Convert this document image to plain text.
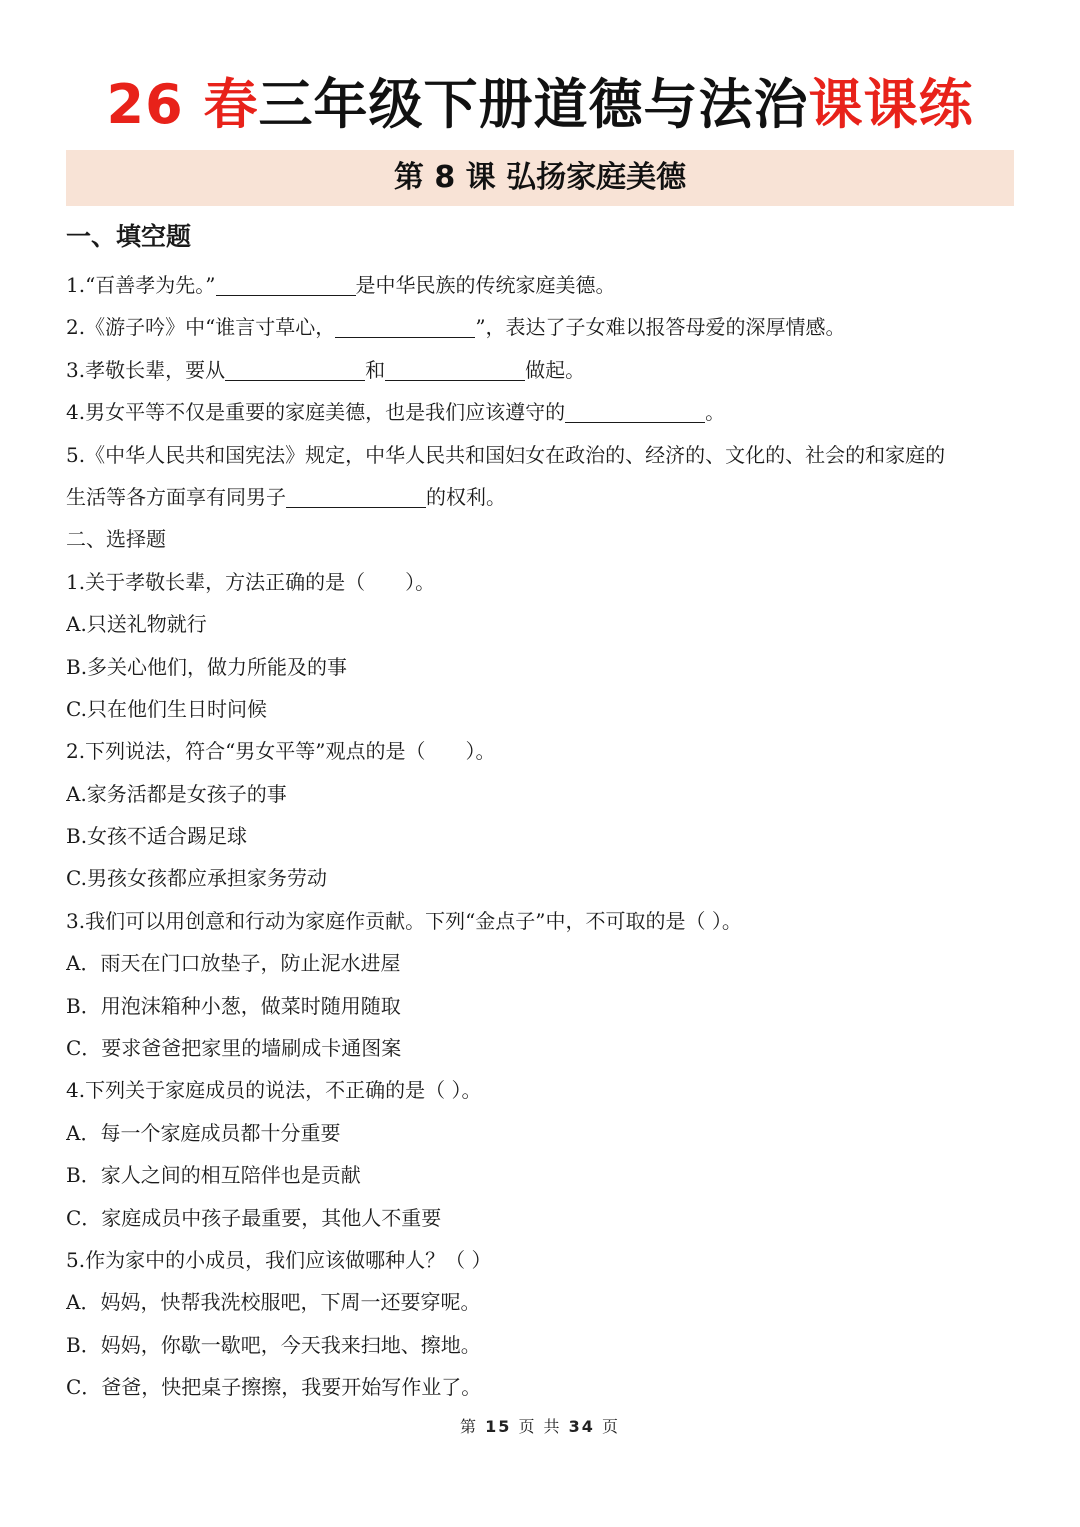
26 春三年级下册道德与法治课课练
第 8 课 弘扬家庭美德
一、填空题
1.“百善孝为先。”	是中华民族的传统家庭美德。
2.《游子吟》中“谁言寸草心，	”，表达了子女难以报答母爱的深厚情感。
3.孝敬长辈，要从	和	做起。
4.男女平等不仅是重要的家庭美德，也是我们应该遵守的	。
5.《中华人民共和国宪法》规定，中华人民共和国妇女在政治的、经济的、文化的、社会的和家庭的
生活等各方面享有同男子	的权利。
二、选择题
1.关于孝敬长辈，方法正确的是（　　）。
A.只送礼物就行
B.多关心他们，做力所能及的事
C.只在他们生日时问候
2.下列说法，符合“男女平等”观点的是（　　）。
A.家务活都是女孩子的事
B.女孩不适合踢足球
C.男孩女孩都应承担家务劳动
3.我们可以用创意和行动为家庭作贡献。下列“金点子”中，不可取的是（ ）。
A．雨天在门口放垫子，防止泥水进屋
B．用泡沫箱种小葱，做菜时随用随取
C．要求爸爸把家里的墙刷成卡通图案
4.下列关于家庭成员的说法，不正确的是（ ）。
A．每一个家庭成员都十分重要
B．家人之间的相互陪伴也是贡献
C．家庭成员中孩子最重要，其他人不重要
5.作为家中的小成员，我们应该做哪种人？（ ）
A．妈妈，快帮我洗校服吧，下周一还要穿呢。
B．妈妈，你歇一歇吧，今天我来扫地、擦地。
C．爸爸，快把桌子擦擦，我要开始写作业了。
第 15 页 共 34 页
